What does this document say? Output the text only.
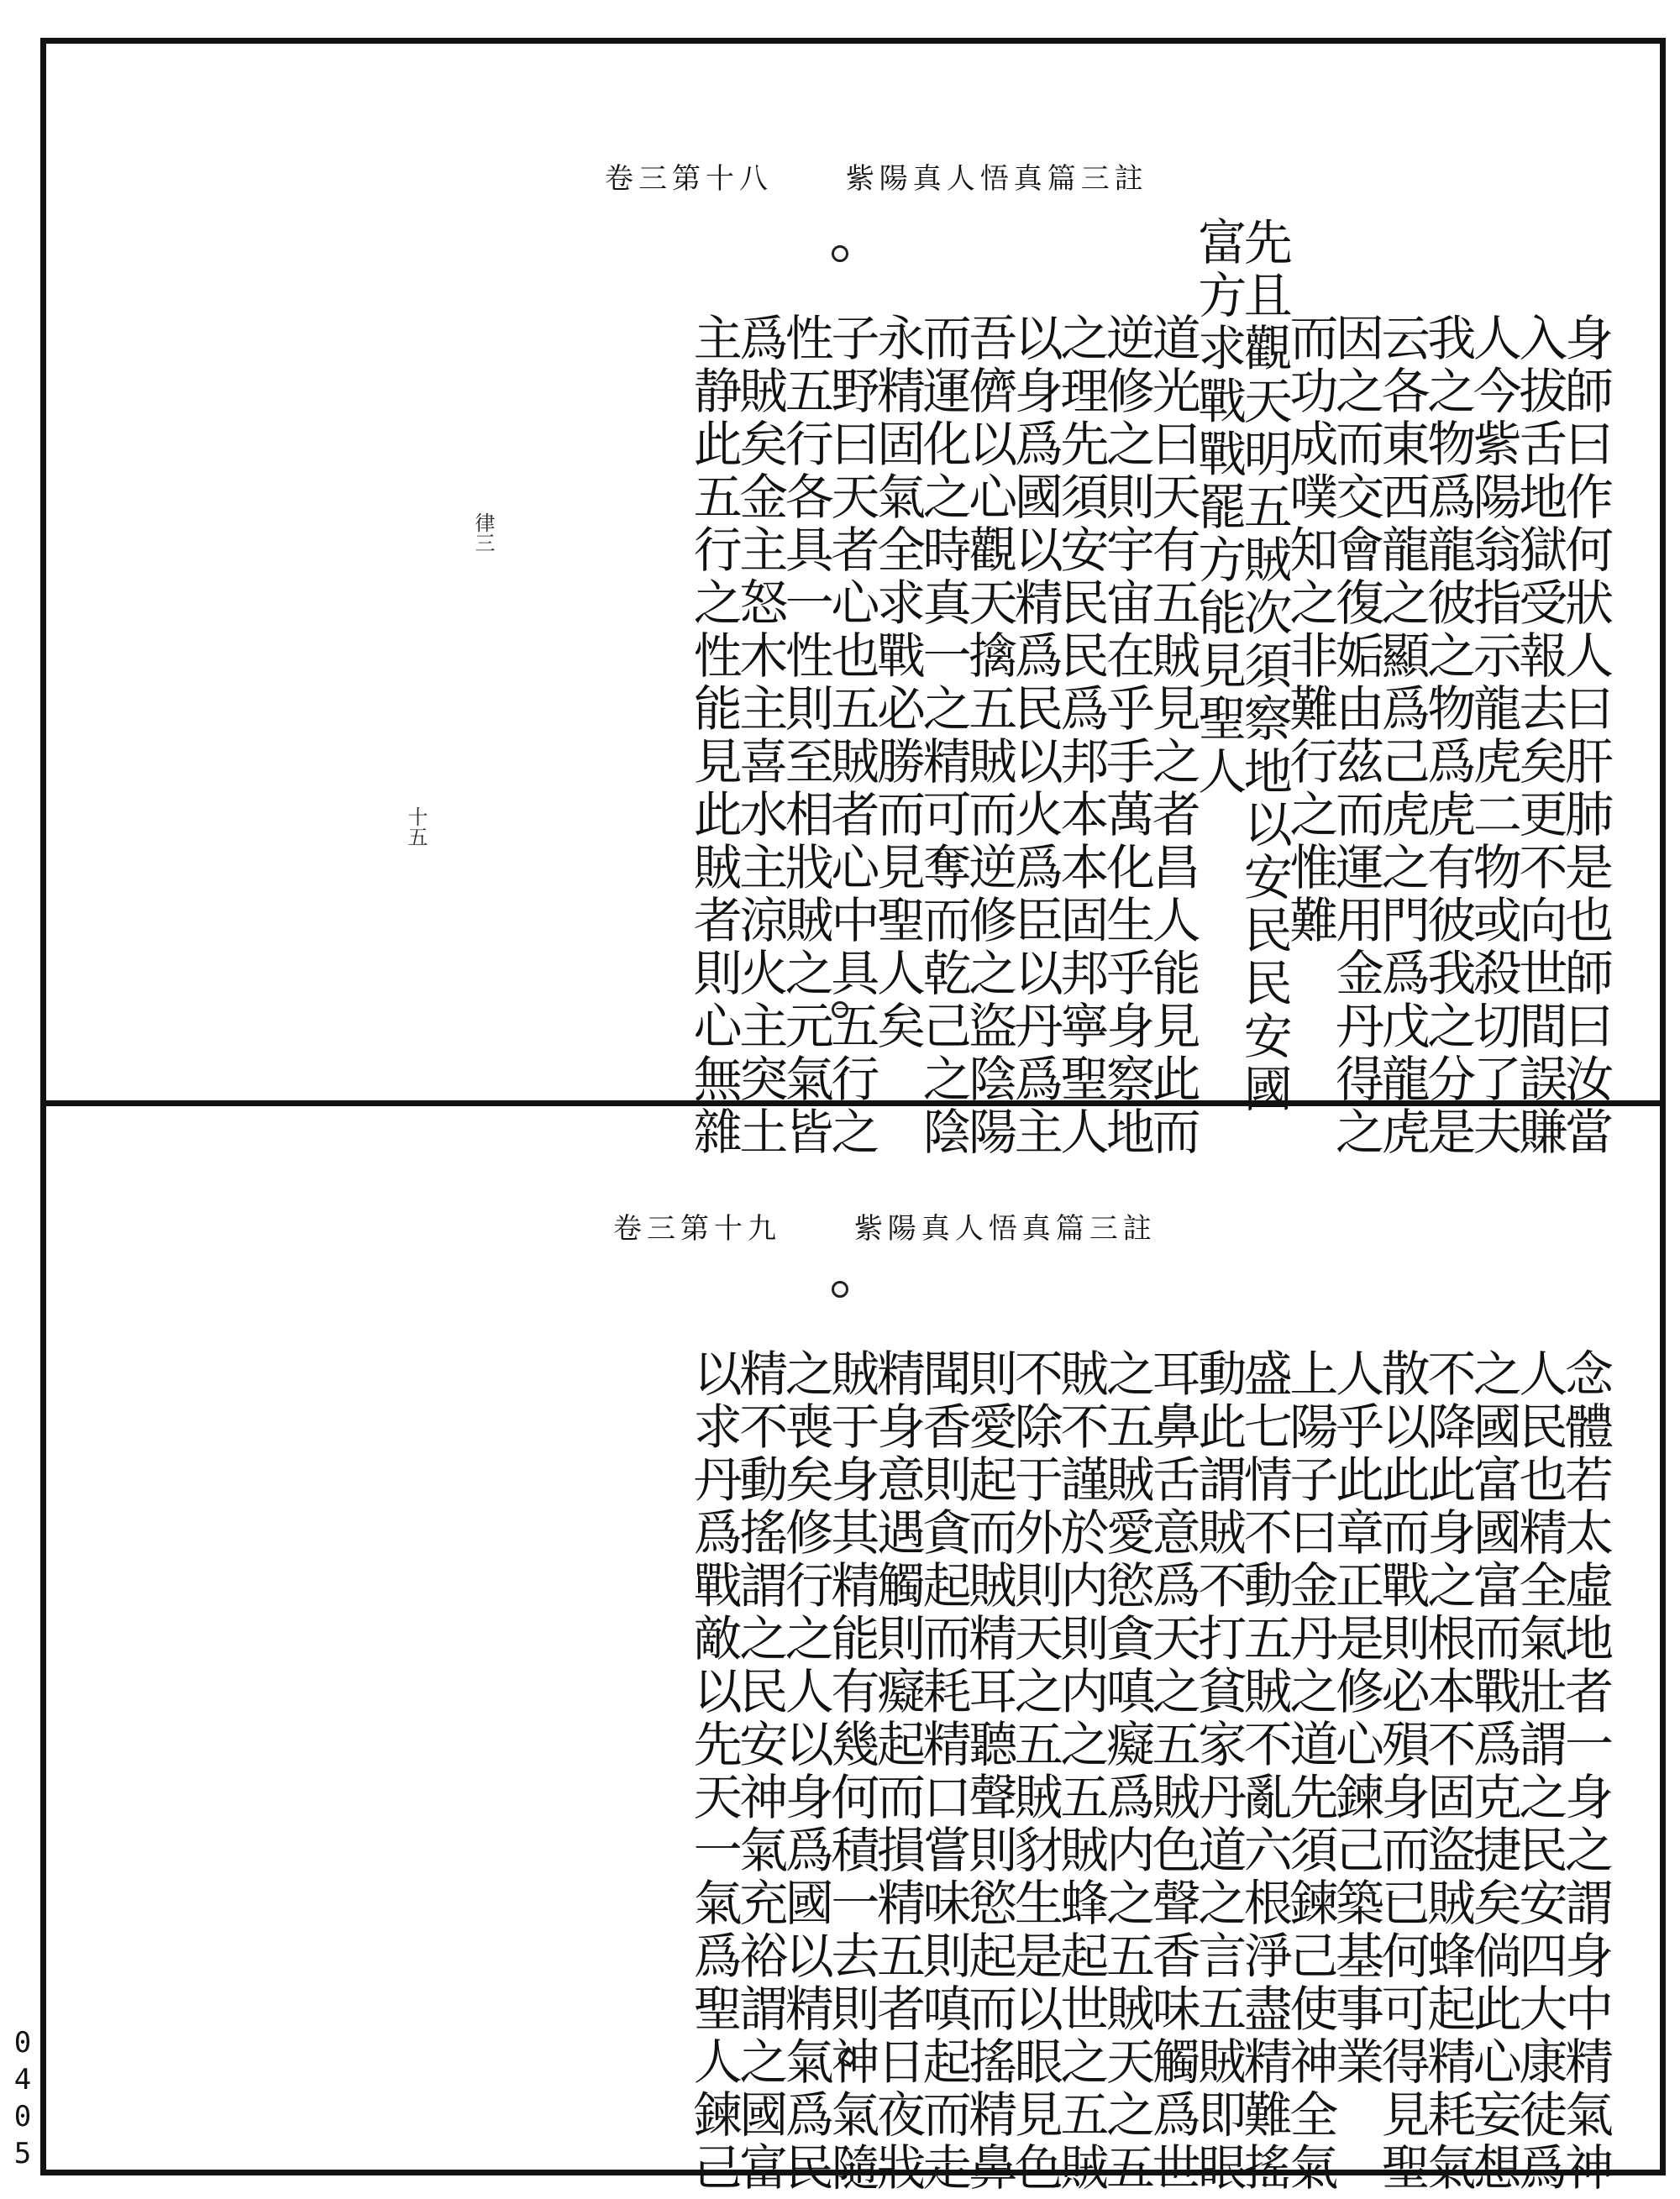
0
4
0
5
卷三第十八	紫陽真人悟真篇三註
律三
十五	身師曰作何狀人曰肝肺是也師曰汝當
入拔舌地獄受報去矣更不向世間誤賺
人今紫陽翁指示龍虎二物或殺切了夫
我之物爲龍彼之物爲虎有彼我之分是
云各東西龍之顯爲己虎之門爲戊龍虎
因之而交會復姤由茲而運用金丹得之
而功成噗知之非難行之惟難
先且觀天明五賊次須察地以安民民安國
富方求戰戰罷方能見聖人
道光曰天有五賊見之者昌人能見此而
逆修之則宇宙在乎手萬化生乎身察地
之理先須安民民爲邦本本固邦寧聖人
以身爲國以精爲民以火爲臣以丹爲主
吾儕以心觀天擒五賊而逆修之盜陰陽
而運化之時真一之精可奪而乾己之陰
永精固氣全求戰必勝而見聖人矣
子野曰天者心也五賊者心中具五行之
性五行各具一性則至相戕賊之元氣皆
爲賊矣金主怒木主喜水主涼火主突土
主静此五行之性能見此賊者則心無雜
卷三第十九	紫陽真人悟真篇三註
念體若太虛地者一身之謂身中精氣神
人民也精全氣壯謂之民安四大康徒爲
之國富國富而戰爲克捷矣倘此心妄想
不降此身之根本不固盜賊蜂起精耗氣
散以此而戰則必殞身而已何可得見聖
人乎此章正是修心鍊己築基事業
上陽子曰金丹之道先須鍊己使神全氣
盛七情不動五賊不亂六根淨盡精難搖
動此謂賊不打貧家丹道之言五賊即眼
耳鼻舌意爲天之五賊色聲香味觸爲世
之五賊愛慾貪嗔癡爲内之五賊天之五
賊不謹於内則内之五賊蜂起世之五賊
不除于外則天之五賊豺生是以眼見色
則愛起而賊精耳聽聲則慾起而搖精鼻
聞香則貪起而耗精口嘗味則嗔起而走
精身意遇觸則癡起而損精五者日夜戕
賊于身其精能有幾何積一去則神氣隨
之喪矣修行之人以身爲國以精氣爲民
精不動搖謂之民安神氣充裕謂之國富
以求丹爲戰敵以先天一氣爲聖人鍊己
